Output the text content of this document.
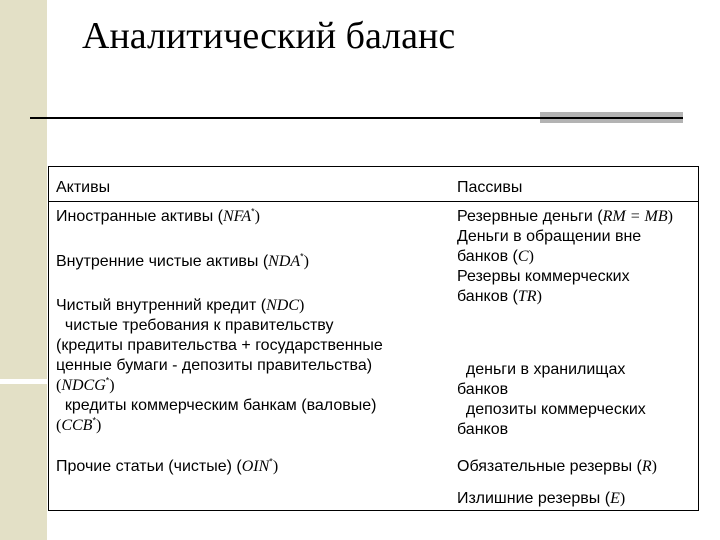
Аналитический баланс
Активы	Пассивы
Иностранные активы (NFA*)
Внутренние чистые активы (NDA*)
Чистый внутренний кредит (NDC)
чистые требования к правительству
(кредиты правительства + государственные
ценные бумаги - депозиты правительства)
(NDCG*)
кредиты коммерческим банкам (валовые)
(CCB*)
Прочие статьи (чистые) (OIN*)
Резервные деньги (RM = MB)
Деньги в обращении вне
банков (C)
Резервы коммерческих
банков (TR)
деньги в хранилищах
банков
депозиты коммерческих
банков
Обязательные резервы (R)
Излишние резервы (E)
